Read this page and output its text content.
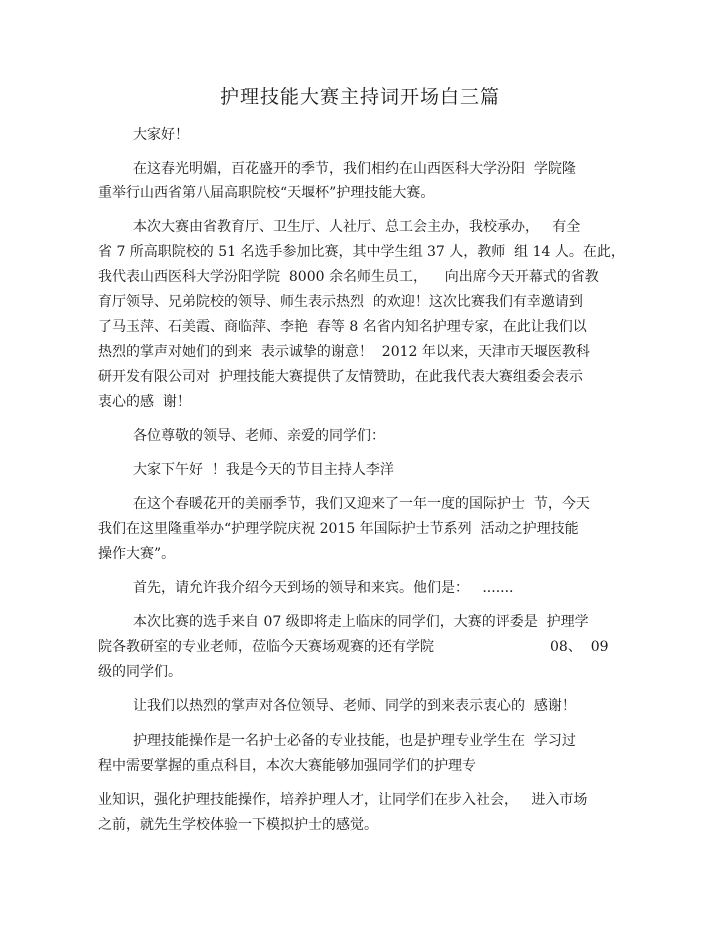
护理技能大赛主持词开场白三篇

大家好！

在这春光明媚，百花盛开的季节，我们相约在山西医科大学汾阳  学院隆

重举行山西省第八届高职院校“天堰杯”护理技能大赛。

本次大赛由省教育厅、卫生厅、人社厅、总工会主办，我校承办，   有全

省 7 所高职院校的 51 名选手参加比赛，其中学生组 37 人，教师  组 14 人。在此，

我代表山西医科大学汾阳学院  8000 余名师生员工，    向出席今天开幕式的省教

育厅领导、兄弟院校的领导、师生表示热烈  的欢迎！这次比赛我们有幸邀请到

了马玉萍、石美霞、商临萍、李艳  春等 8 名省内知名护理专家，在此让我们以

热烈的掌声对她们的到来  表示诚挚的谢意！  2012 年以来，天津市天堰医教科

研开发有限公司对  护理技能大赛提供了友情赞助，在此我代表大赛组委会表示

衷心的感  谢！

各位尊敬的领导、老师、亲爱的同学们：

大家下午好  ！我是今天的节目主持人李洋

在这个春暖花开的美丽季节，我们又迎来了一年一度的国际护士  节，今天

我们在这里隆重举办“护理学院庆祝 2015 年国际护士节系列  活动之护理技能

操作大赛”。

首先，请允许我介绍今天到场的领导和来宾。他们是：   .......

本次比赛的选手来自 07 级即将走上临床的同学们，大赛的评委是  护理学

院各教研室的专业老师，莅临今天赛场观赛的还有学院	08、  09

级的同学们。

让我们以热烈的掌声对各位领导、老师、同学的到来表示衷心的  感谢！

护理技能操作是一名护士必备的专业技能，也是护理专业学生在  学习过

程中需要掌握的重点科目，本次大赛能够加强同学们的护理专

业知识，强化护理技能操作，培养护理人才，让同学们在步入社会，   进入市场

之前，就先生学校体验一下模拟护士的感觉。
